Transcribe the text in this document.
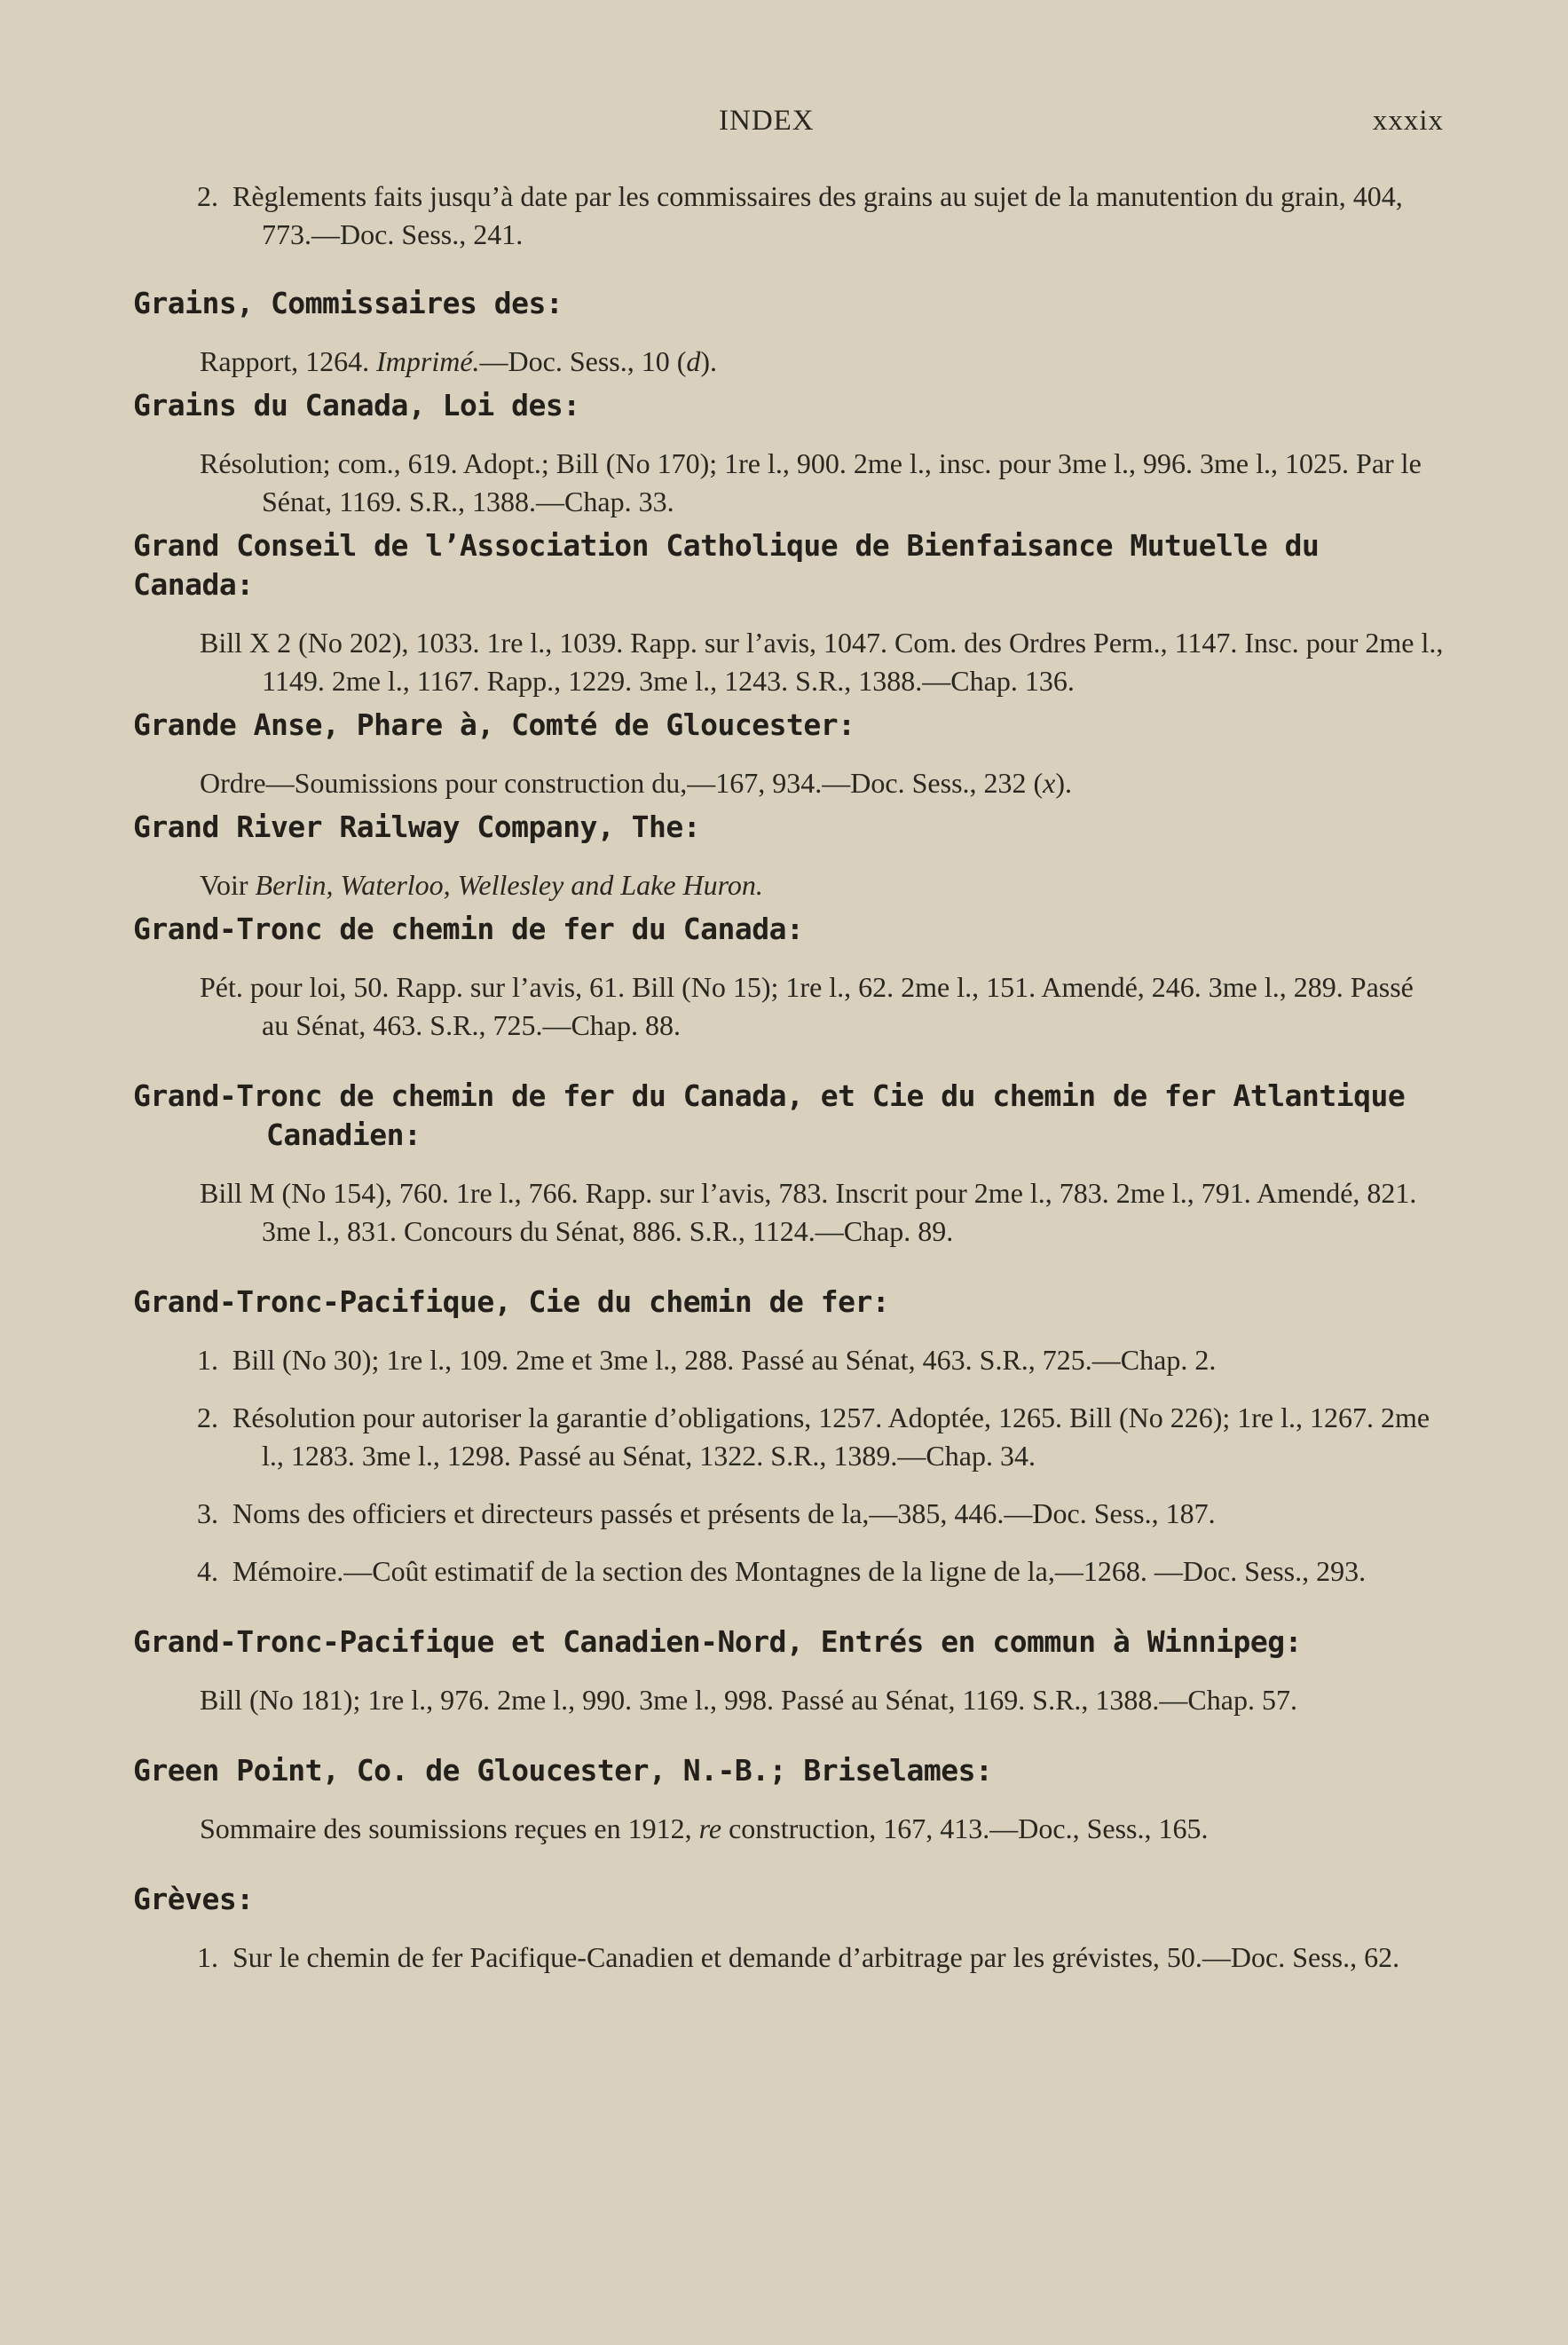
INDEX	xxxix

2. Règlements faits jusqu’à date par les commissaires des grains au sujet de la manutention du grain, 404, 773.—Doc. Sess., 241.

Grains, Commissaires des:

Rapport, 1264. Imprimé.—Doc. Sess., 10 (d).

Grains du Canada, Loi des:

Résolution; com., 619. Adopt.; Bill (No 170); 1re l., 900. 2me l., insc. pour 3me l., 996. 3me l., 1025. Par le Sénat, 1169. S.R., 1388.—Chap. 33.

Grand Conseil de l’Association Catholique de Bienfaisance Mutuelle du Canada:

Bill X 2 (No 202), 1033. 1re l., 1039. Rapp. sur l’avis, 1047. Com. des Ordres Perm., 1147. Insc. pour 2me l., 1149. 2me l., 1167. Rapp., 1229. 3me l., 1243. S.R., 1388.—Chap. 136.

Grande Anse, Phare à, Comté de Gloucester:

Ordre—Soumissions pour construction du,—167, 934.—Doc. Sess., 232 (x).

Grand River Railway Company, The:

Voir Berlin, Waterloo, Wellesley and Lake Huron.

Grand-Tronc de chemin de fer du Canada:

Pét. pour loi, 50. Rapp. sur l’avis, 61. Bill (No 15); 1re l., 62. 2me l., 151. Amendé, 246. 3me l., 289. Passé au Sénat, 463. S.R., 725.—Chap. 88.

Grand-Tronc de chemin de fer du Canada, et Cie du chemin de fer Atlantique Canadien:

Bill M (No 154), 760. 1re l., 766. Rapp. sur l’avis, 783. Inscrit pour 2me l., 783. 2me l., 791. Amendé, 821. 3me l., 831. Concours du Sénat, 886. S.R., 1124.—Chap. 89.

Grand-Tronc-Pacifique, Cie du chemin de fer:

1. Bill (No 30); 1re l., 109. 2me et 3me l., 288. Passé au Sénat, 463. S.R., 725.—Chap. 2.

2. Résolution pour autoriser la garantie d’obligations, 1257. Adoptée, 1265. Bill (No 226); 1re l., 1267. 2me l., 1283. 3me l., 1298. Passé au Sénat, 1322. S.R., 1389.—Chap. 34.

3. Noms des officiers et directeurs passés et présents de la,—385, 446.—Doc. Sess., 187.

4. Mémoire.—Coût estimatif de la section des Montagnes de la ligne de la,—1268. —Doc. Sess., 293.

Grand-Tronc-Pacifique et Canadien-Nord, Entrés en commun à Winnipeg:

Bill (No 181); 1re l., 976. 2me l., 990. 3me l., 998. Passé au Sénat, 1169. S.R., 1388.—Chap. 57.

Green Point, Co. de Gloucester, N.-B.; Briselames:

Sommaire des soumissions reçues en 1912, re construction, 167, 413.—Doc., Sess., 165.

Grèves:

1. Sur le chemin de fer Pacifique-Canadien et demande d’arbitrage par les grévistes, 50.—Doc. Sess., 62.
